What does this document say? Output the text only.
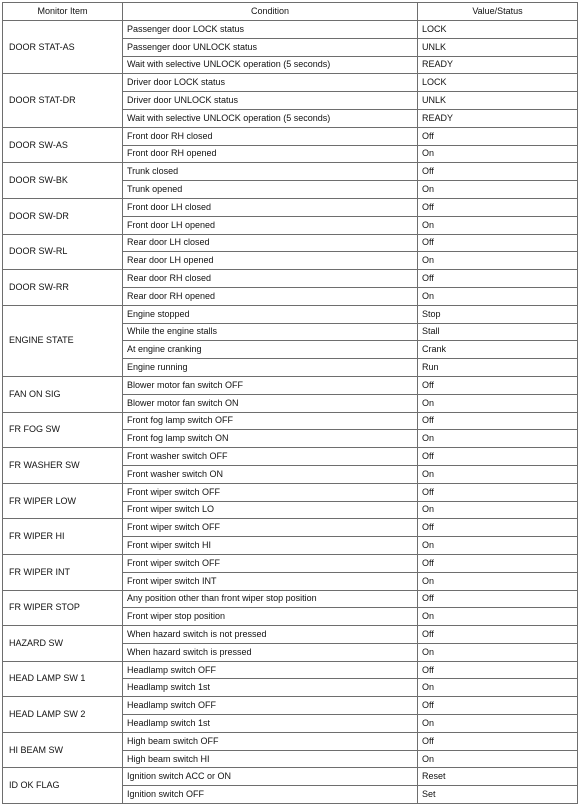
Monitor Item	Condition	Value/Status
DOOR STAT-AS	Passenger door LOCK status	LOCK
	Passenger door UNLOCK status	UNLK
	Wait with selective UNLOCK operation (5 seconds)	READY
DOOR STAT-DR	Driver door LOCK status	LOCK
	Driver door UNLOCK status	UNLK
	Wait with selective UNLOCK operation (5 seconds)	READY
DOOR SW-AS	Front door RH closed	Off
	Front door RH opened	On
DOOR SW-BK	Trunk closed	Off
	Trunk opened	On
DOOR SW-DR	Front door LH closed	Off
	Front door LH opened	On
DOOR SW-RL	Rear door LH closed	Off
	Rear door LH opened	On
DOOR SW-RR	Rear door RH closed	Off
	Rear door RH opened	On
ENGINE STATE	Engine stopped	Stop
	While the engine stalls	Stall
	At engine cranking	Crank
	Engine running	Run
FAN ON SIG	Blower motor fan switch OFF	Off
	Blower motor fan switch ON	On
FR FOG SW	Front fog lamp switch OFF	Off
	Front fog lamp switch ON	On
FR WASHER SW	Front washer switch OFF	Off
	Front washer switch ON	On
FR WIPER LOW	Front wiper switch OFF	Off
	Front wiper switch LO	On
FR WIPER HI	Front wiper switch OFF	Off
	Front wiper switch HI	On
FR WIPER INT	Front wiper switch OFF	Off
	Front wiper switch INT	On
FR WIPER STOP	Any position other than front wiper stop position	Off
	Front wiper stop position	On
HAZARD SW	When hazard switch is not pressed	Off
	When hazard switch is pressed	On
HEAD LAMP SW 1	Headlamp switch OFF	Off
	Headlamp switch 1st	On
HEAD LAMP SW 2	Headlamp switch OFF	Off
	Headlamp switch 1st	On
HI BEAM SW	High beam switch OFF	Off
	High beam switch HI	On
ID OK FLAG	Ignition switch ACC or ON	Reset
	Ignition switch OFF	Set
